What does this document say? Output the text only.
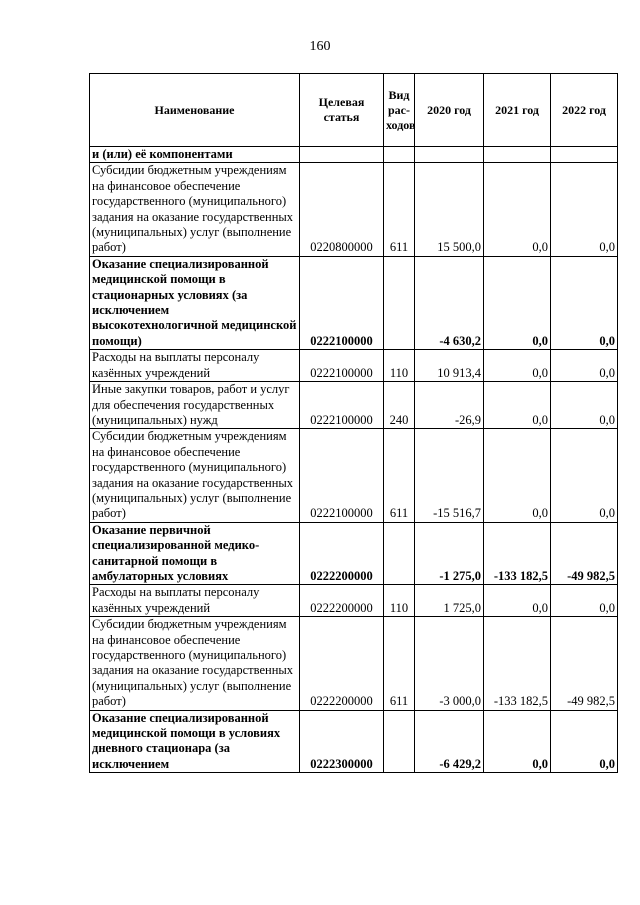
160
Наименование	Целевая статья	Вид рас-ходов	2020 год	2021 год	2022 год
и (или) её компонентами					
Субсидии бюджетным учреждениям на финансовое обеспечение государственного (муниципального) задания на оказание государственных (муниципальных) услуг (выполнение работ)	0220800000	611	15 500,0	0,0	0,0
Оказание специализированной медицинской помощи в стационарных условиях (за исключением высокотехнологичной медицинской помощи)	0222100000		-4 630,2	0,0	0,0
Расходы на выплаты персоналу казённых учреждений	0222100000	110	10 913,4	0,0	0,0
Иные закупки товаров, работ и услуг для обеспечения государственных (муниципальных) нужд	0222100000	240	-26,9	0,0	0,0
Субсидии бюджетным учреждениям на финансовое обеспечение государственного (муниципального) задания на оказание государственных (муниципальных) услуг (выполнение работ)	0222100000	611	-15 516,7	0,0	0,0
Оказание первичной специализированной медико-санитарной помощи в амбулаторных условиях	0222200000		-1 275,0	-133 182,5	-49 982,5
Расходы на выплаты персоналу казённых учреждений	0222200000	110	1 725,0	0,0	0,0
Субсидии бюджетным учреждениям на финансовое обеспечение государственного (муниципального) задания на оказание государственных (муниципальных) услуг (выполнение работ)	0222200000	611	-3 000,0	-133 182,5	-49 982,5
Оказание специализированной медицинской помощи в условиях дневного стационара (за исключением	0222300000		-6 429,2	0,0	0,0
